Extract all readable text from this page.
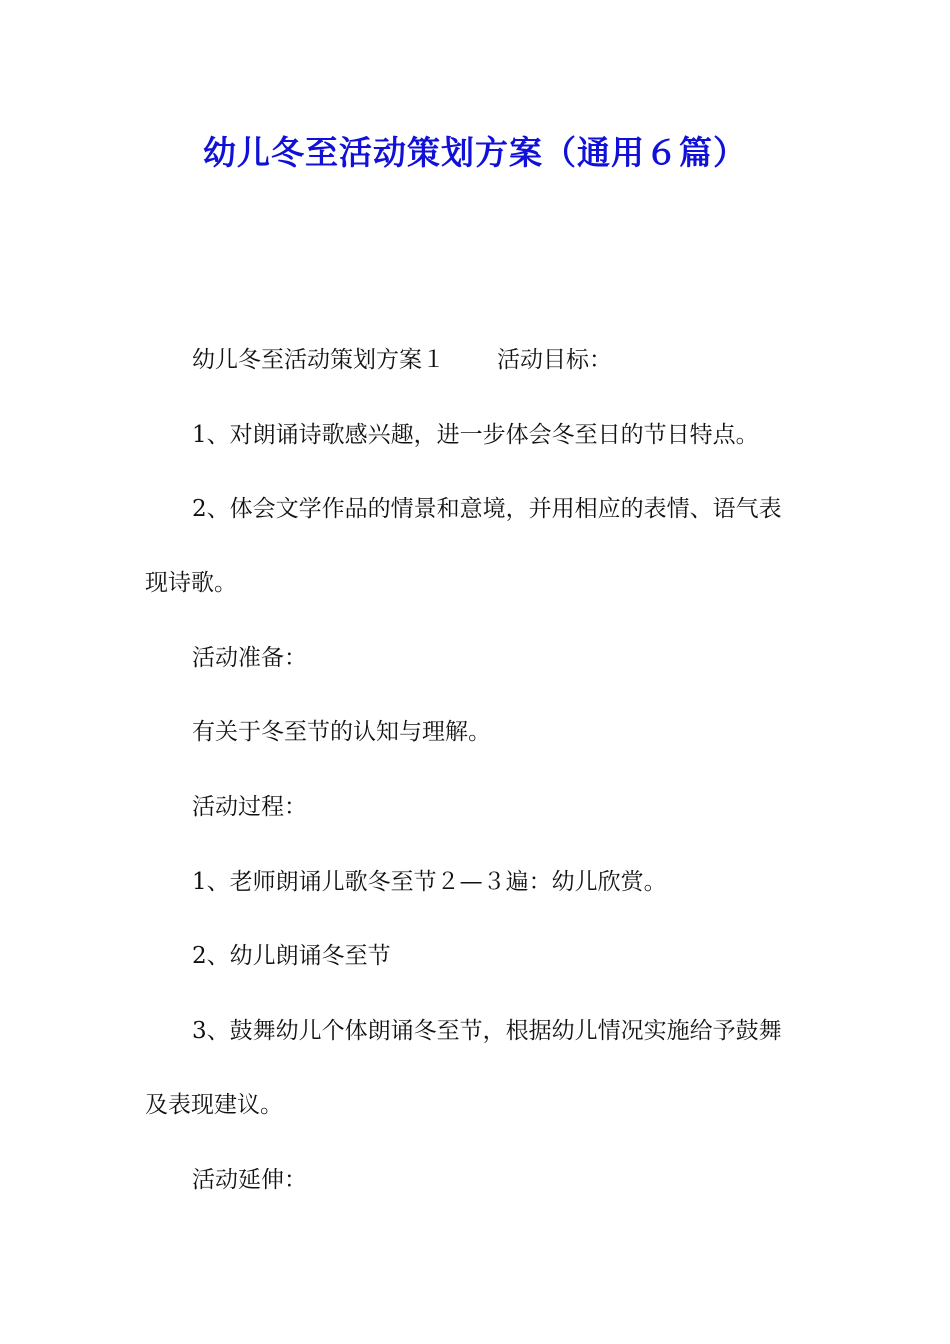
幼儿冬至活动策划方案（通用６篇）
幼儿冬至活动策划方案１ 活动目标：
1、对朗诵诗歌感兴趣，进一步体会冬至日的节日特点。
2、体会文学作品的情景和意境，并用相应的表情、语气表
现诗歌。
活动准备：
有关于冬至节的认知与理解。
活动过程：
1、老师朗诵儿歌冬至节２—３遍：幼儿欣赏。
2、幼儿朗诵冬至节
3、鼓舞幼儿个体朗诵冬至节，根据幼儿情况实施给予鼓舞
及表现建议。
活动延伸：
